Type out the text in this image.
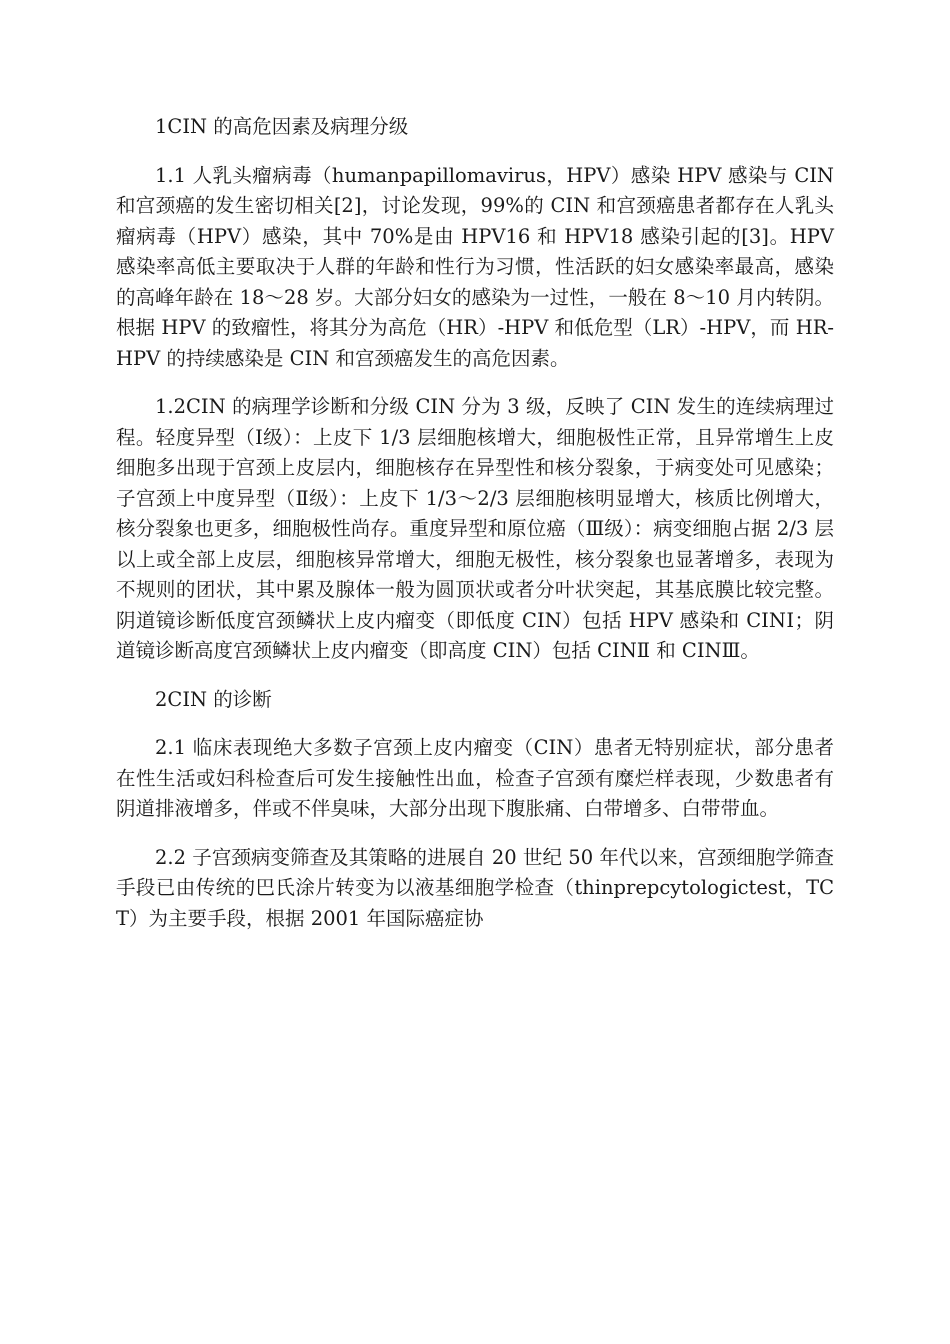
1CIN 的高危因素及病理分级

1.1 人乳头瘤病毒（humanpapillomavirus，HPV）感染 HPV 感染与 CIN 和宫颈癌的发生密切相关[2]，讨论发现，99%的 CIN 和宫颈癌患者都存在人乳头瘤病毒（HPV）感染，其中 70%是由 HPV16 和 HPV18 感染引起的[3]。HPV 感染率高低主要取决于人群的年龄和性行为习惯，性活跃的妇女感染率最高，感染的高峰年龄在 18～28 岁。大部分妇女的感染为一过性，一般在 8～10 月内转阴。根据 HPV 的致瘤性，将其分为高危（HR）-HPV 和低危型（LR）-HPV，而 HR-HPV 的持续感染是 CIN 和宫颈癌发生的高危因素。

1.2CIN 的病理学诊断和分级 CIN 分为 3 级，反映了 CIN 发生的连续病理过程。轻度异型（Ⅰ级）：上皮下 1/3 层细胞核增大，细胞极性正常，且异常增生上皮细胞多出现于宫颈上皮层内，细胞核存在异型性和核分裂象，于病变处可见感染；子宫颈上中度异型（Ⅱ级）：上皮下 1/3～2/3 层细胞核明显增大，核质比例增大，核分裂象也更多，细胞极性尚存。重度异型和原位癌（Ⅲ级）：病变细胞占据 2/3 层以上或全部上皮层，细胞核异常增大，细胞无极性，核分裂象也显著增多，表现为不规则的团状，其中累及腺体一般为圆顶状或者分叶状突起，其基底膜比较完整。阴道镜诊断低度宫颈鳞状上皮内瘤变（即低度 CIN）包括 HPV 感染和 CINⅠ；阴道镜诊断高度宫颈鳞状上皮内瘤变（即高度 CIN）包括 CINⅡ 和 CINⅢ。

2CIN 的诊断

2.1 临床表现绝大多数子宫颈上皮内瘤变（CIN）患者无特别症状，部分患者在性生活或妇科检查后可发生接触性出血，检查子宫颈有糜烂样表现，少数患者有阴道排液增多，伴或不伴臭味，大部分出现下腹胀痛、白带增多、白带带血。

2.2 子宫颈病变筛查及其策略的进展自 20 世纪 50 年代以来，宫颈细胞学筛查手段已由传统的巴氏涂片转变为以液基细胞学检查（thinprepcytologictest，TCT）为主要手段，根据 2001 年国际癌症协
